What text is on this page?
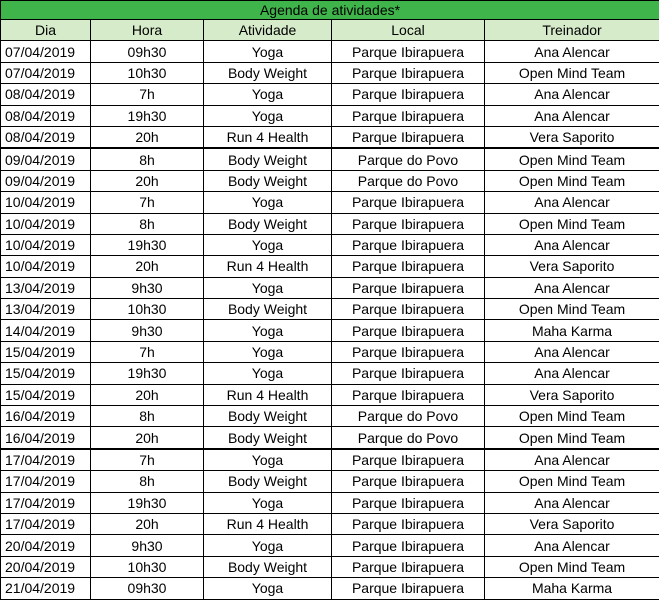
Agenda de atividades*				
Dia	Hora	Atividade	Local	Treinador
07/04/2019	09h30	Yoga	Parque Ibirapuera	Ana Alencar
07/04/2019	10h30	Body Weight	Parque Ibirapuera	Open Mind Team
08/04/2019	7h	Yoga	Parque Ibirapuera	Ana Alencar
08/04/2019	19h30	Yoga	Parque Ibirapuera	Ana Alencar
08/04/2019	20h	Run 4 Health	Parque Ibirapuera	Vera Saporito
09/04/2019	8h	Body Weight	Parque do Povo	Open Mind Team
09/04/2019	20h	Body Weight	Parque do Povo	Open Mind Team
10/04/2019	7h	Yoga	Parque Ibirapuera	Ana Alencar
10/04/2019	8h	Body Weight	Parque Ibirapuera	Open Mind Team
10/04/2019	19h30	Yoga	Parque Ibirapuera	Ana Alencar
10/04/2019	20h	Run 4 Health	Parque Ibirapuera	Vera Saporito
13/04/2019	9h30	Yoga	Parque Ibirapuera	Ana Alencar
13/04/2019	10h30	Body Weight	Parque Ibirapuera	Open Mind Team
14/04/2019	9h30	Yoga	Parque Ibirapuera	Maha Karma
15/04/2019	7h	Yoga	Parque Ibirapuera	Ana Alencar
15/04/2019	19h30	Yoga	Parque Ibirapuera	Ana Alencar
15/04/2019	20h	Run 4 Health	Parque Ibirapuera	Vera Saporito
16/04/2019	8h	Body Weight	Parque do Povo	Open Mind Team
16/04/2019	20h	Body Weight	Parque do Povo	Open Mind Team
17/04/2019	7h	Yoga	Parque Ibirapuera	Ana Alencar
17/04/2019	8h	Body Weight	Parque Ibirapuera	Open Mind Team
17/04/2019	19h30	Yoga	Parque Ibirapuera	Ana Alencar
17/04/2019	20h	Run 4 Health	Parque Ibirapuera	Vera Saporito
20/04/2019	9h30	Yoga	Parque Ibirapuera	Ana Alencar
20/04/2019	10h30	Body Weight	Parque Ibirapuera	Open Mind Team
21/04/2019	09h30	Yoga	Parque Ibirapuera	Maha Karma
